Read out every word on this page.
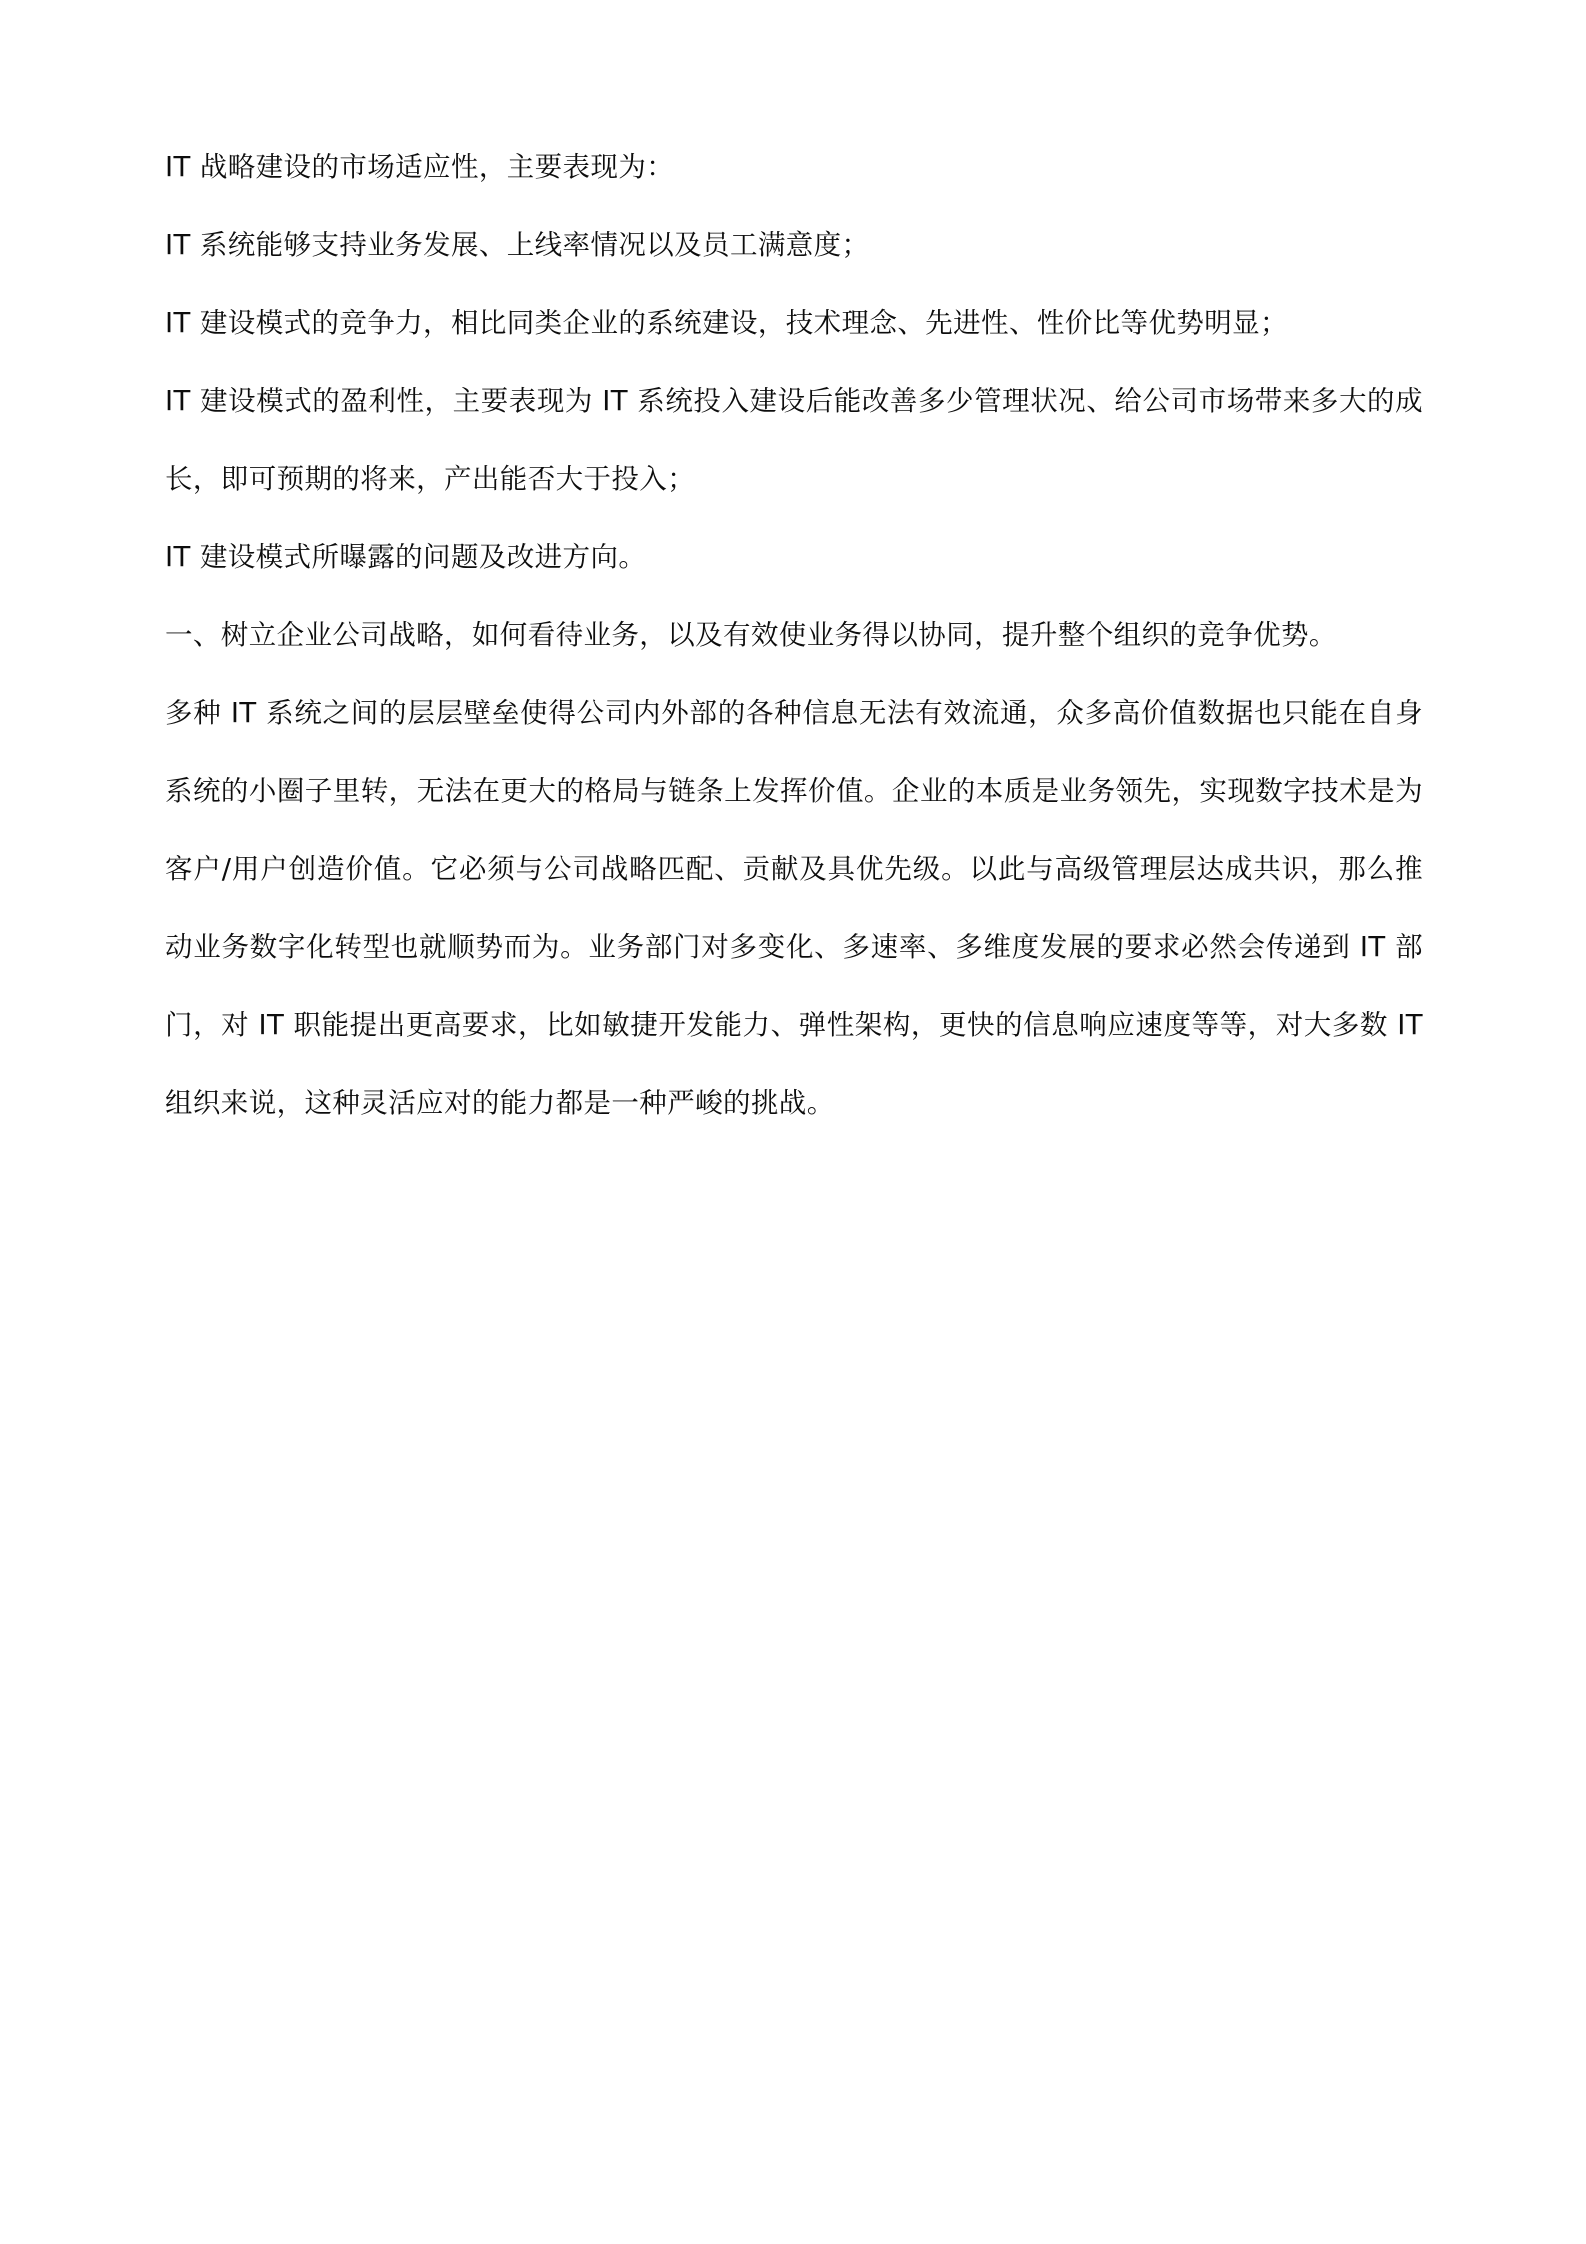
IT 战略建设的市场适应性，主要表现为：

IT 系统能够支持业务发展、上线率情况以及员工满意度；

IT 建设模式的竞争力，相比同类企业的系统建设，技术理念、先进性、性价比等优势明显；

IT 建设模式的盈利性，主要表现为 IT 系统投入建设后能改善多少管理状况、给公司市场带来多大的成长，即可预期的将来，产出能否大于投入；

IT 建设模式所曝露的问题及改进方向。

一、树立企业公司战略，如何看待业务，以及有效使业务得以协同，提升整个组织的竞争优势。

多种 IT 系统之间的层层壁垒使得公司内外部的各种信息无法有效流通，众多高价值数据也只能在自身系统的小圈子里转，无法在更大的格局与链条上发挥价值。企业的本质是业务领先，实现数字技术是为客户/用户创造价值。它必须与公司战略匹配、贡献及具优先级。以此与高级管理层达成共识，那么推动业务数字化转型也就顺势而为。业务部门对多变化、多速率、多维度发展的要求必然会传递到 IT 部门，对 IT 职能提出更高要求，比如敏捷开发能力、弹性架构，更快的信息响应速度等等，对大多数 IT 组织来说，这种灵活应对的能力都是一种严峻的挑战。
